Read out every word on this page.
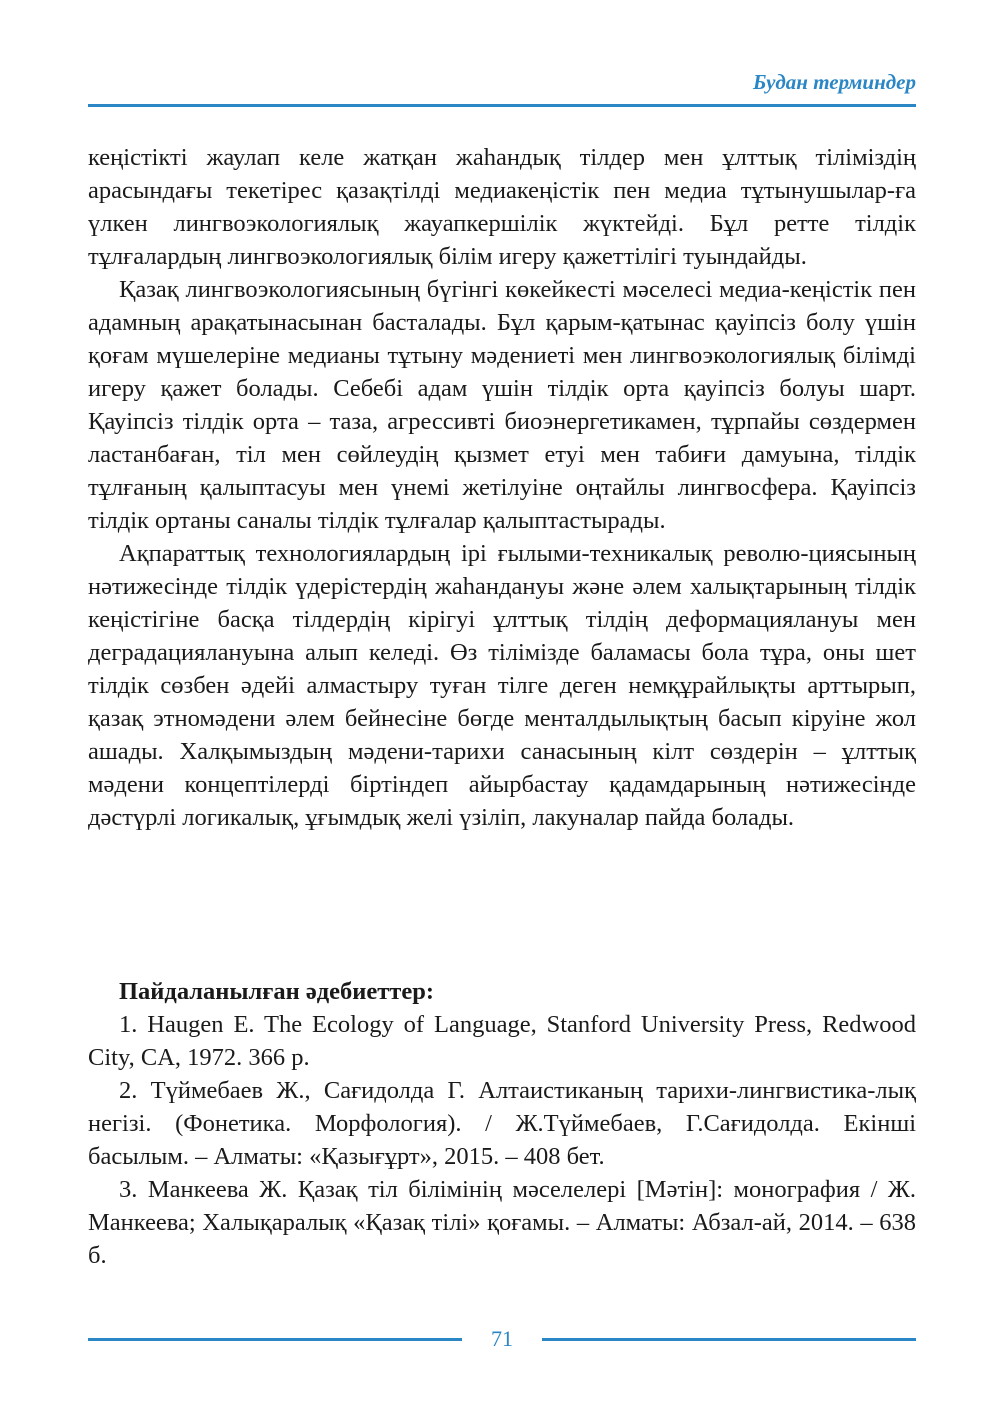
Будан терминдер

кеңістікті жаулап келе жатқан жаһандық тілдер мен ұлттық тіліміздің арасындағы текетірес қазақтілді медиакеңістік пен медиа тұтынушылар-ға үлкен лингвоэкологиялық жауапкершілік жүктейді. Бұл ретте тілдік тұлғалардың лингвоэкологиялық білім игеру қажеттілігі туындайды.

Қазақ лингвоэкологиясының бүгінгі көкейкесті мәселесі медиа-кеңістік пен адамның арақатынасынан басталады. Бұл қарым-қатынас қауіпсіз болу үшін қоғам мүшелеріне медианы тұтыну мәдениеті мен лингвоэкологиялық білімді игеру қажет болады. Себебі адам үшін тілдік орта қауіпсіз болуы шарт. Қауіпсіз тілдік орта – таза, агрессивті биоэнергетикамен, тұрпайы сөздермен ластанбаған, тіл мен сөйлеудің қызмет етуі мен табиғи дамуына, тілдік тұлғаның қалыптасуы мен үнемі жетілуіне оңтайлы лингвосфера. Қауіпсіз тілдік ортаны саналы тілдік тұлғалар қалыптастырады.

Ақпараттық технологиялардың ірі ғылыми-техникалық револю-циясының нәтижесінде тілдік үдерістердің жаһандануы және әлем халықтарының тілдік кеңістігіне басқа тілдердің кірігуі ұлттық тілдің деформациялануы мен деградациялануына алып келеді. Өз тілімізде баламасы бола тұра, оны шет тілдік сөзбен әдейі алмастыру туған тілге деген немқұрайлықты арттырып, қазақ этномәдени әлем бейнесіне бөгде менталдылықтың басып кіруіне жол ашады. Халқымыздың мәдени-тарихи санасының кілт сөздерін – ұлттық мәдени концептілерді біртіндеп айырбастау қадамдарының нәтижесінде дәстүрлі логикалық, ұғымдық желі үзіліп, лакуналар пайда болады.

Пайдаланылған әдебиеттер:

1. Haugen E. The Ecology of Language, Stanford University Press, Redwood City, CA, 1972. 366 p.

2. Түймебаев Ж., Сағидолда Г. Алтаистиканың тарихи-лингвистика-лық негізі. (Фонетика. Морфология). / Ж.Түймебаев, Г.Сағидолда. Екінші басылым. – Алматы: «Қазығұрт», 2015. – 408 бет.

3. Манкеева Ж. Қазақ тіл білімінің мәселелері [Мәтін]: монография / Ж. Манкеева; Халықаралық «Қазақ тілі» қоғамы. – Алматы: Абзал-ай, 2014. – 638 б.

71
